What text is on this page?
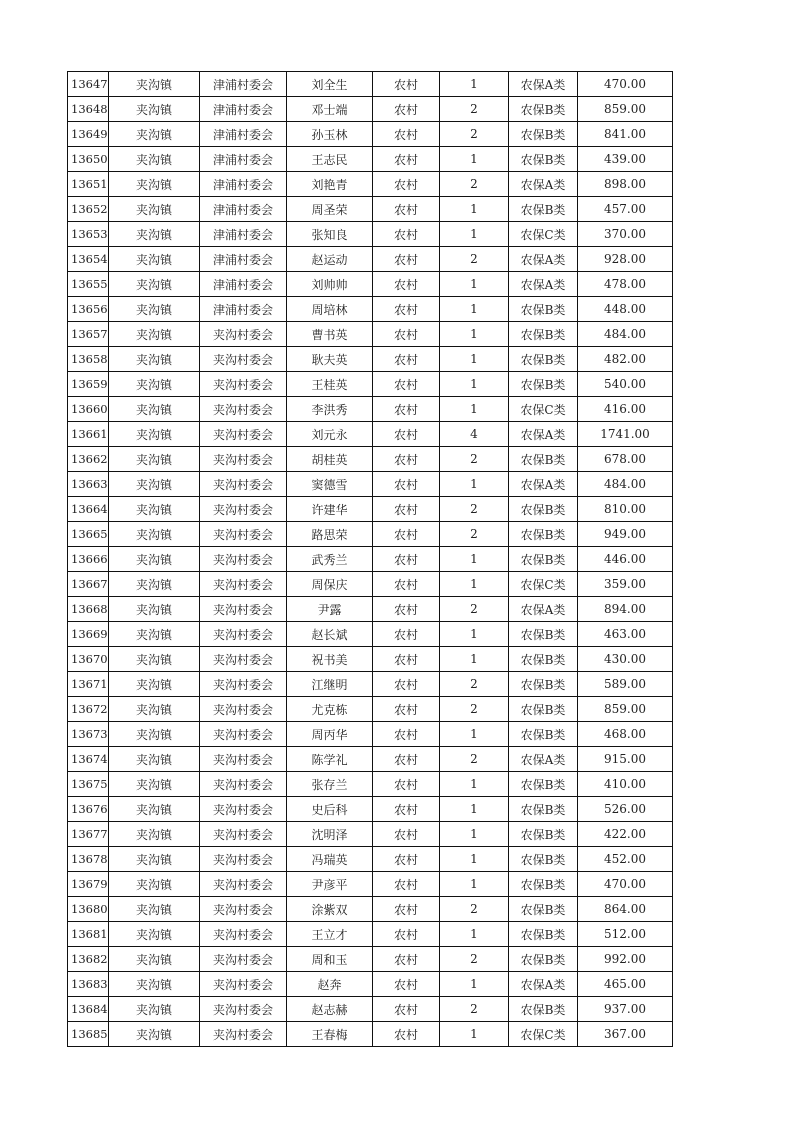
13647	夹沟镇	津浦村委会	刘全生	农村	1	农保A类	470.00
13648	夹沟镇	津浦村委会	邓士端	农村	2	农保B类	859.00
13649	夹沟镇	津浦村委会	孙玉林	农村	2	农保B类	841.00
13650	夹沟镇	津浦村委会	王志民	农村	1	农保B类	439.00
13651	夹沟镇	津浦村委会	刘艳青	农村	2	农保A类	898.00
13652	夹沟镇	津浦村委会	周圣荣	农村	1	农保B类	457.00
13653	夹沟镇	津浦村委会	张知良	农村	1	农保C类	370.00
13654	夹沟镇	津浦村委会	赵运动	农村	2	农保A类	928.00
13655	夹沟镇	津浦村委会	刘帅帅	农村	1	农保A类	478.00
13656	夹沟镇	津浦村委会	周培林	农村	1	农保B类	448.00
13657	夹沟镇	夹沟村委会	曹书英	农村	1	农保B类	484.00
13658	夹沟镇	夹沟村委会	耿夫英	农村	1	农保B类	482.00
13659	夹沟镇	夹沟村委会	王桂英	农村	1	农保B类	540.00
13660	夹沟镇	夹沟村委会	李洪秀	农村	1	农保C类	416.00
13661	夹沟镇	夹沟村委会	刘元永	农村	4	农保A类	1741.00
13662	夹沟镇	夹沟村委会	胡桂英	农村	2	农保B类	678.00
13663	夹沟镇	夹沟村委会	窦德雪	农村	1	农保A类	484.00
13664	夹沟镇	夹沟村委会	许建华	农村	2	农保B类	810.00
13665	夹沟镇	夹沟村委会	路思荣	农村	2	农保B类	949.00
13666	夹沟镇	夹沟村委会	武秀兰	农村	1	农保B类	446.00
13667	夹沟镇	夹沟村委会	周保庆	农村	1	农保C类	359.00
13668	夹沟镇	夹沟村委会	尹露	农村	2	农保A类	894.00
13669	夹沟镇	夹沟村委会	赵长斌	农村	1	农保B类	463.00
13670	夹沟镇	夹沟村委会	祝书美	农村	1	农保B类	430.00
13671	夹沟镇	夹沟村委会	江继明	农村	2	农保B类	589.00
13672	夹沟镇	夹沟村委会	尤克栋	农村	2	农保B类	859.00
13673	夹沟镇	夹沟村委会	周丙华	农村	1	农保B类	468.00
13674	夹沟镇	夹沟村委会	陈学礼	农村	2	农保A类	915.00
13675	夹沟镇	夹沟村委会	张存兰	农村	1	农保B类	410.00
13676	夹沟镇	夹沟村委会	史后科	农村	1	农保B类	526.00
13677	夹沟镇	夹沟村委会	沈明泽	农村	1	农保B类	422.00
13678	夹沟镇	夹沟村委会	冯瑞英	农村	1	农保B类	452.00
13679	夹沟镇	夹沟村委会	尹彦平	农村	1	农保B类	470.00
13680	夹沟镇	夹沟村委会	涂紫双	农村	2	农保B类	864.00
13681	夹沟镇	夹沟村委会	王立才	农村	1	农保B类	512.00
13682	夹沟镇	夹沟村委会	周和玉	农村	2	农保B类	992.00
13683	夹沟镇	夹沟村委会	赵奔	农村	1	农保A类	465.00
13684	夹沟镇	夹沟村委会	赵志赫	农村	2	农保B类	937.00
13685	夹沟镇	夹沟村委会	王春梅	农村	1	农保C类	367.00
